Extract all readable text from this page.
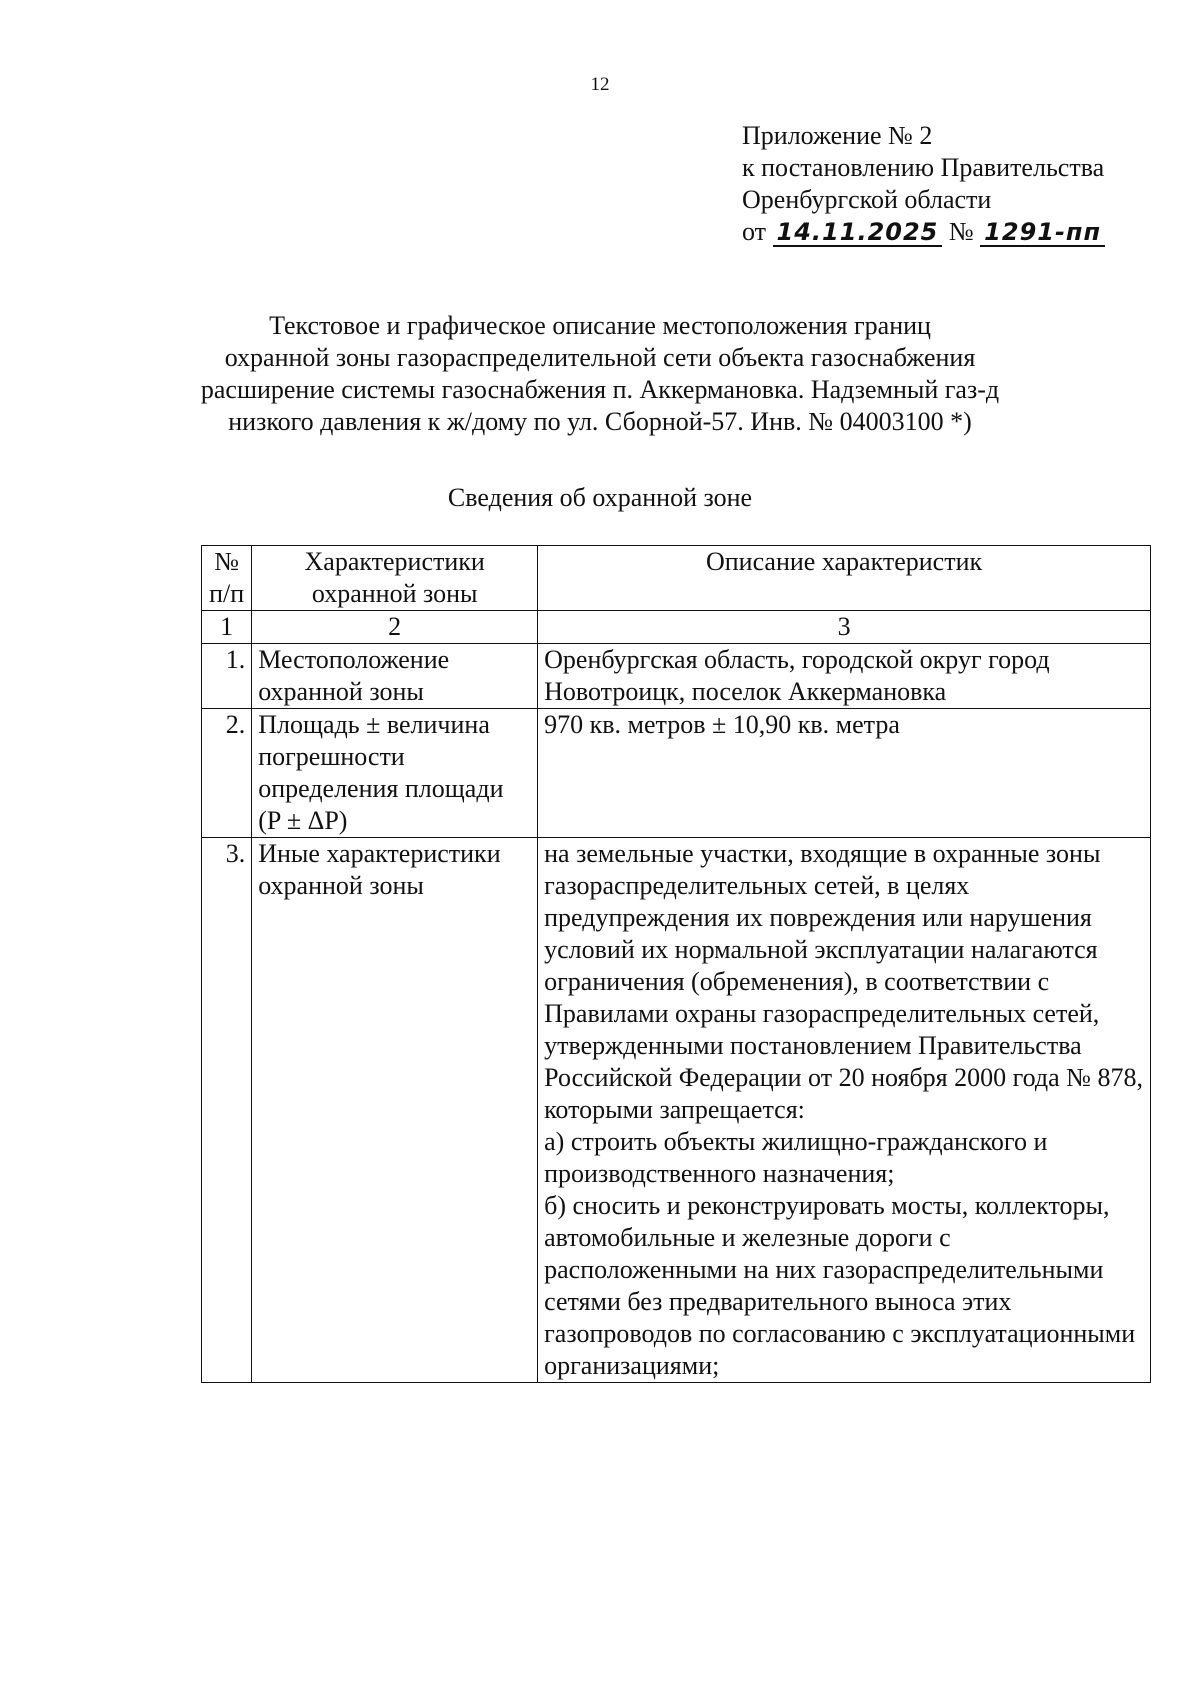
12
Приложение № 2
к постановлению Правительства
Оренбургской области
от 14.11.2025 № 1291-пп
Текстовое и графическое описание местоположения границ
охранной зоны газораспределительной сети объекта газоснабжения
расширение системы газоснабжения п. Аккермановка. Надземный газ-д
низкого давления к ж/дому по ул. Сборной-57. Инв. № 04003100 *)
Сведения об охранной зоне
№ п/п	Характеристики охранной зоны	Описание характеристик
1	2	3
1.	Местоположение охранной зоны	Оренбургская область, городской округ город Новотроицк, поселок Аккермановка
2.	Площадь ± величина погрешности определения площади (P ± ΔP)	970 кв. метров ± 10,90 кв. метра
3.	Иные характеристики охранной зоны	на земельные участки, входящие в охранные зоны газораспределительных сетей, в целях предупреждения их повреждения или нарушения условий их нормальной эксплуатации налагаются ограничения (обременения), в соответствии с Правилами охраны газораспределительных сетей, утвержденными постановлением Правительства Российской Федерации от 20 ноября 2000 года № 878, которыми запрещается:
а) строить объекты жилищно-гражданского и производственного назначения;
б) сносить и реконструировать мосты, коллекторы, автомобильные и железные дороги с расположенными на них газораспределительными сетями без предварительного выноса этих газопроводов по согласованию с эксплуатационными организациями;
